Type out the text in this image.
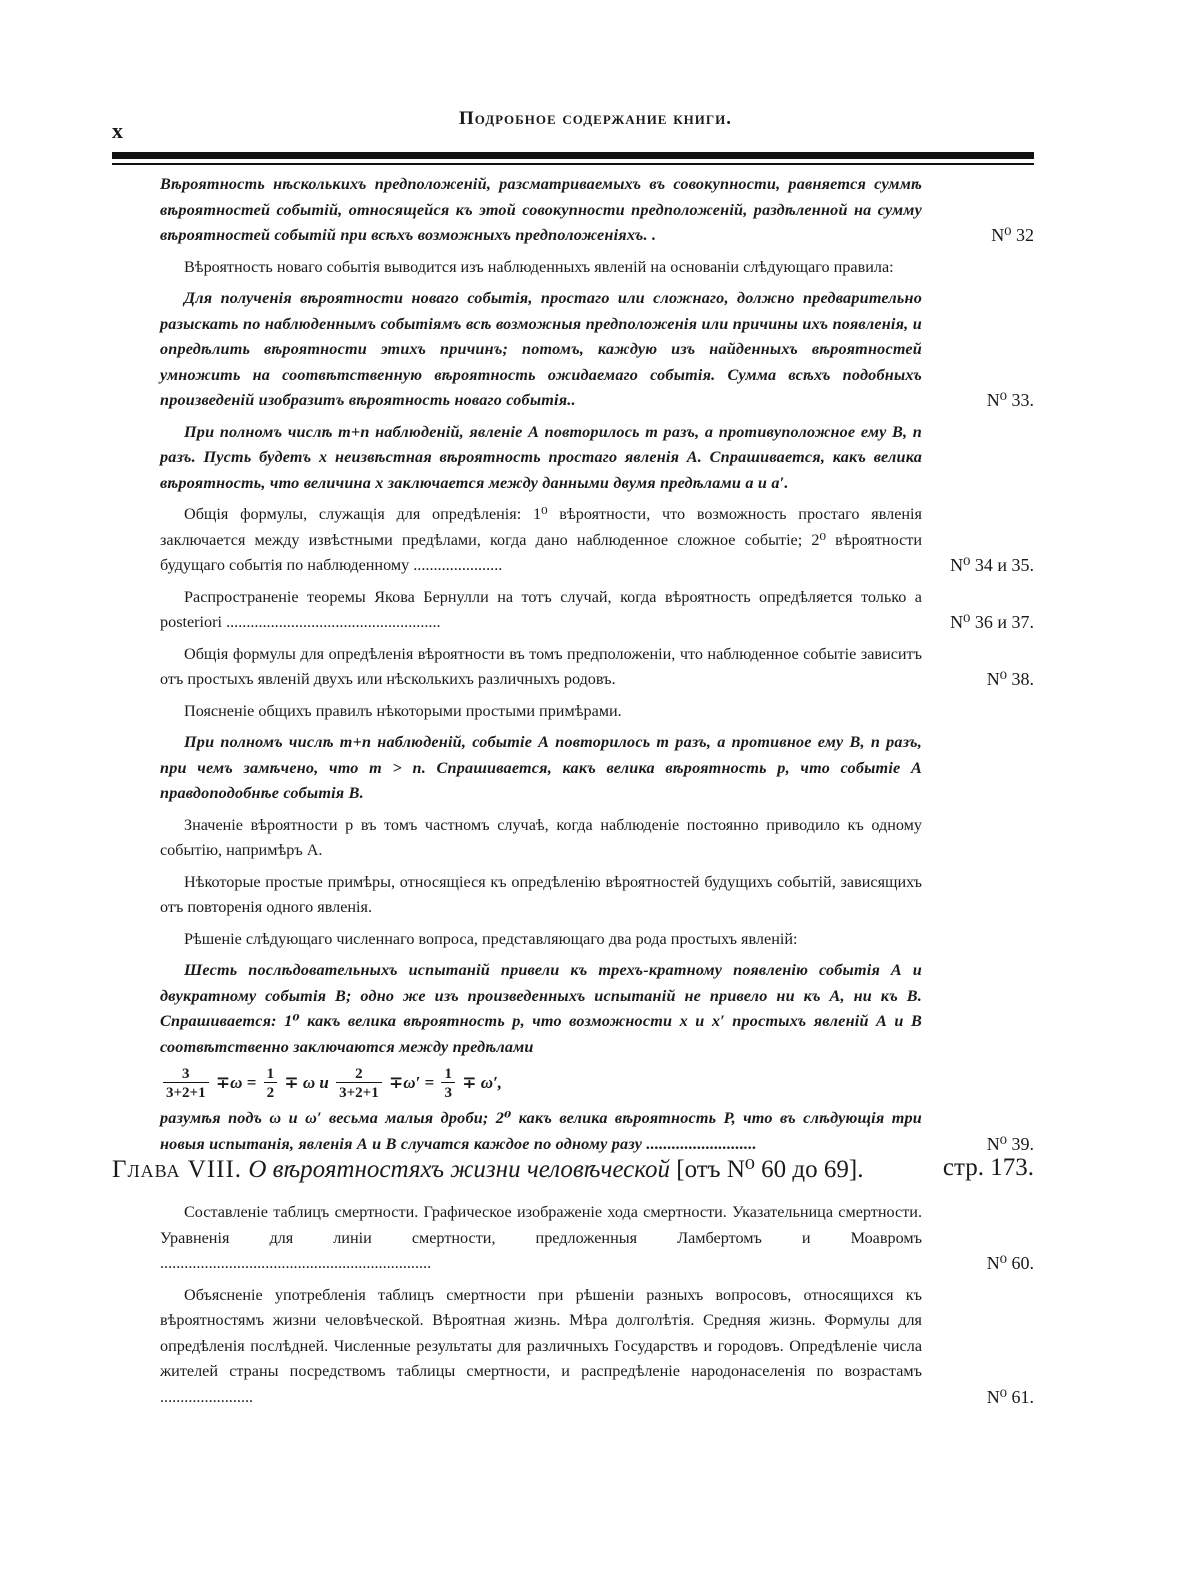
x	Подробное содержание книги.

Вѣроятность нѣсколькихъ предположеній, разсматриваемыхъ въ совокупности, равняется суммѣ вѣроятностей событій, относящейся къ этой совокупности предположеній, раздѣленной на сумму вѣроятностей событій при всѣхъ возможныхъ предположеніяхъ. .	N⁰ 32

Вѣроятность новаго событія выводится изъ наблюденныхъ явленій на основаніи слѣдующаго правила:

Для полученія вѣроятности новаго событія, простаго или сложнаго, должно предварительно разыскать по наблюденнымъ событіямъ всѣ возможныя предположенія или причины ихъ появленія, и опредѣлить вѣроятности этихъ причинъ; потомъ, каждую изъ найденныхъ вѣроятностей умножить на соотвѣтственную вѣроятность ожидаемаго событія. Сумма всѣхъ подобныхъ произведеній изобразитъ вѣроятность новаго событія..	N⁰ 33.

При полномъ числѣ m+n наблюденій, явленіе А повторилось m разъ, а противуположное ему В, n разъ. Пусть будетъ x неизвѣстная вѣроятность простаго явленія А. Спрашивается, какъ велика вѣроятность, что величина x заключается между данными двумя предѣлами a и a′.

Общія формулы, служащія для опредѣленія: 1⁰ вѣроятности, что возможность простаго явленія заключается между извѣстными предѣлами, когда дано наблюденное сложное событіе; 2⁰ вѣроятности будущаго событія по наблюденному ......................	N⁰ 34 и 35.

Распространеніе теоремы Якова Бернулли на тотъ случай, когда вѣроятность опредѣляется только a posteriori .....................................................	N⁰ 36 и 37.

Общія формулы для опредѣленія вѣроятности въ томъ предположеніи, что наблюденное событіе зависитъ отъ простыхъ явленій двухъ или нѣсколькихъ различныхъ родовъ.	N⁰ 38.

Поясненіе общихъ правилъ нѣкоторыми простыми примѣрами.

При полномъ числѣ m+n наблюденій, событіе А повторилось m разъ, а противное ему В, n разъ, при чемъ замѣчено, что m > n. Спрашивается, какъ велика вѣроятность p, что событіе А правдоподобнѣе событія В.

Значеніе вѣроятности p въ томъ частномъ случаѣ, когда наблюденіе постоянно приводило къ одному событію, напримѣръ А.

Нѣкоторые простые примѣры, относящіеся къ опредѣленію вѣроятностей будущихъ событій, зависящихъ отъ повторенія одного явленія.

Рѣшеніе слѣдующаго численнаго вопроса, представляющаго два рода простыхъ явленій:

Шесть послѣдовательныхъ испытаній привели къ трехъ-кратному появленію событія А и двукратному событія В; одно же изъ произведенныхъ испытаній не привело ни къ А, ни къ В. Спрашивается: 1⁰ какъ велика вѣроятность p, что возможности x и x′ простыхъ явленій А и В соотвѣтственно заключаются между предѣлами

$\frac{3}{3+2+1} \mp\omega = \frac{1}{2} \mp \omega$ и $\frac{2}{3+2+1} \mp\omega' = \frac{1}{3} \mp \omega'$,

разумѣя подъ ω и ω′ весьма малыя дроби; 2⁰ какъ велика вѣроятность P, что въ слѣдующія три новыя испытанія, явленія А и В случатся каждое по одному разу ..........................	N⁰ 39.
Глава VIII. О вѣроятностяхъ жизни человѣческой [отъ N⁰ 60 до 69].	стр. 173.

Составленіе таблицъ смертности. Графическое изображеніе хода смертности. Указательница смертности. Уравненія для линіи смертности, предложенныя Ламбертомъ и Моавромъ ...................................................................	N⁰ 60.

Объясненіе употребленія таблицъ смертности при рѣшеніи разныхъ вопросовъ, относящихся къ вѣроятностямъ жизни человѣческой. Вѣроятная жизнь. Мѣра долголѣтія. Средняя жизнь. Формулы для опредѣленія послѣдней. Численные результаты для различныхъ Государствъ и городовъ. Опредѣленіе числа жителей страны посредствомъ таблицы смертности, и распредѣленіе народонаселенія по возрастамъ .......................	N⁰ 61.
